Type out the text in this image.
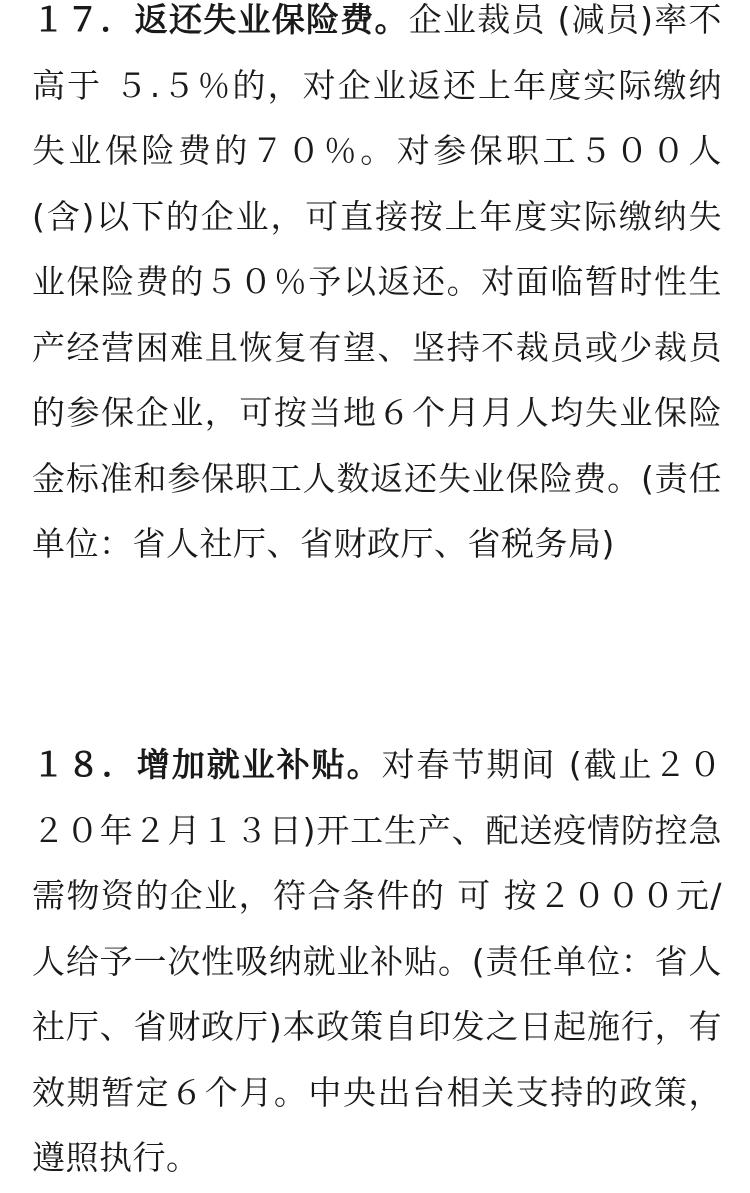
１７．返还失业保险费。企业裁员 (减员)率不高于 ５.５％的，对企业返还上年度实际缴纳失业保险费的７０％。对参保职工５００人 (含)以下的企业，可直接按上年度实际缴纳失业保险费的５０％予以返还。对面临暂时性生产经营困难且恢复有望、坚持不裁员或少裁员的参保企业，可按当地６个月月人均失业保险金标准和参保职工人数返还失业保险费。(责任单位：省人社厅、省财政厅、省税务局)

１８．增加就业补贴。对春节期间 (截止２０２０年２月１３日)开工生产、配送疫情防控急需物资的企业，符合条件的 可 按２０００元/人给予一次性吸纳就业补贴。(责任单位：省人社厅、省财政厅)本政策自印发之日起施行，有效期暂定６个月。中央出台相关支持的政策，遵照执行。
